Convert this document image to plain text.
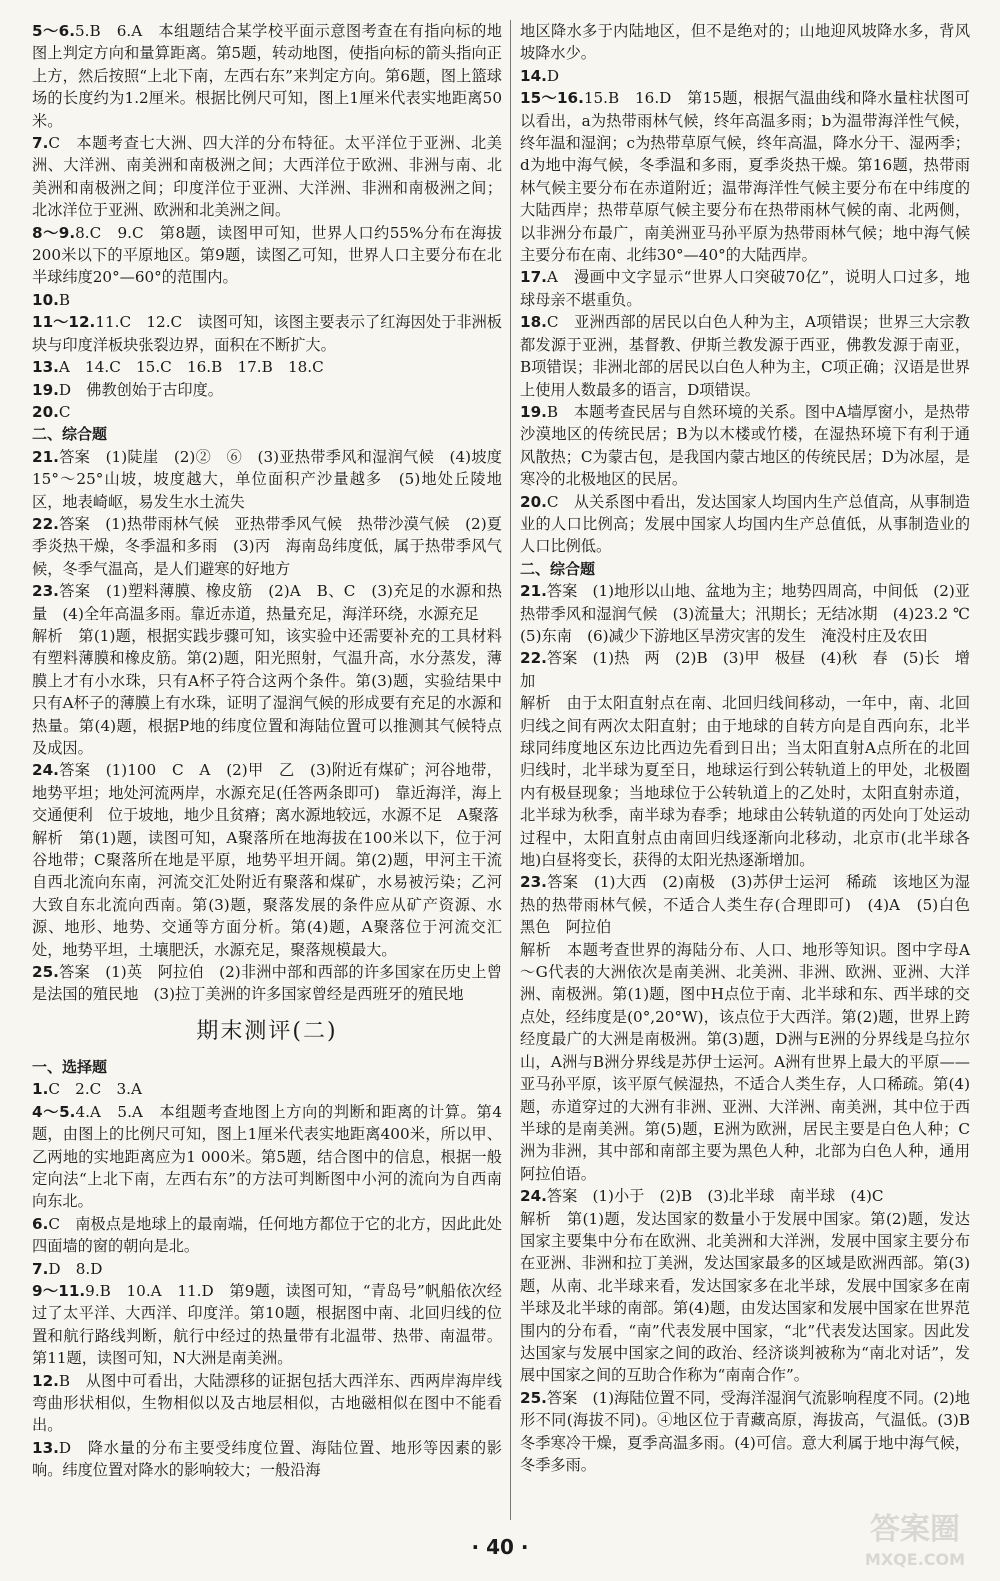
5～6.5.B　6.A　本组题结合某学校平面示意图考查在有指向标的地图上判定方向和量算距离。第5题，转动地图，使指向标的箭头指向正上方，然后按照“上北下南，左西右东”来判定方向。第6题，图上篮球场的长度约为1.2厘米。根据比例尺可知，图上1厘米代表实地距离50米。

7.C　本题考查七大洲、四大洋的分布特征。太平洋位于亚洲、北美洲、大洋洲、南美洲和南极洲之间；大西洋位于欧洲、非洲与南、北美洲和南极洲之间；印度洋位于亚洲、大洋洲、非洲和南极洲之间；北冰洋位于亚洲、欧洲和北美洲之间。

8～9.8.C　9.C　第8题，读图甲可知，世界人口约55%分布在海拔200米以下的平原地区。第9题，读图乙可知，世界人口主要分布在北半球纬度20°—60°的范围内。

10.B

11～12.11.C　12.C　读图可知，该图主要表示了红海因处于非洲板块与印度洋板块张裂边界，面积在不断扩大。

13.A　14.C　15.C　16.B　17.B　18.C

19.D　佛教创始于古印度。

20.C

二、综合题

21.答案　(1)陡崖　(2)②　⑥　(3)亚热带季风和湿润气候　(4)坡度15°～25°山坡，坡度越大，单位面积产沙量越多　(5)地处丘陵地区，地表崎岖，易发生水土流失

22.答案　(1)热带雨林气候　亚热带季风气候　热带沙漠气候　(2)夏季炎热干燥，冬季温和多雨　(3)丙　海南岛纬度低，属于热带季风气候，冬季气温高，是人们避寒的好地方

23.答案　(1)塑料薄膜、橡皮筋　(2)A　B、C　(3)充足的水源和热量　(4)全年高温多雨。靠近赤道，热量充足，海洋环绕，水源充足

解析　第(1)题，根据实践步骤可知，该实验中还需要补充的工具材料有塑料薄膜和橡皮筋。第(2)题，阳光照射，气温升高，水分蒸发，薄膜上才有小水珠，只有A杯子符合这两个条件。第(3)题，实验结果中只有A杯子的薄膜上有水珠，证明了湿润气候的形成要有充足的水源和热量。第(4)题，根据P地的纬度位置和海陆位置可以推测其气候特点及成因。

24.答案　(1)100　C　A　(2)甲　乙　(3)附近有煤矿；河谷地带，地势平坦；地处河流两岸，水源充足(任答两条即可)　靠近海洋，海上交通便利　位于坡地，地少且贫瘠；离水源地较远，水源不足　A聚落

解析　第(1)题，读图可知，A聚落所在地海拔在100米以下，位于河谷地带；C聚落所在地是平原，地势平坦开阔。第(2)题，甲河主干流自西北流向东南，河流交汇处附近有聚落和煤矿，水易被污染；乙河大致自东北流向西南。第(3)题，聚落发展的条件应从矿产资源、水源、地形、地势、交通等方面分析。第(4)题，A聚落位于河流交汇处，地势平坦，土壤肥沃，水源充足，聚落规模最大。

25.答案　(1)英　阿拉伯　(2)非洲中部和西部的许多国家在历史上曾是法国的殖民地　(3)拉丁美洲的许多国家曾经是西班牙的殖民地

期末测评(二)
一、选择题

1.C　2.C　3.A

4～5.4.A　5.A　本组题考查地图上方向的判断和距离的计算。第4题，由图上的比例尺可知，图上1厘米代表实地距离400米，所以甲、乙两地的实地距离应为1 000米。第5题，结合图中的信息，根据一般定向法“上北下南，左西右东”的方法可判断图中小河的流向为自西南向东北。

6.C　南极点是地球上的最南端，任何地方都位于它的北方，因此此处四面墙的窗的朝向是北。

7.D　8.D

9～11.9.B　10.A　11.D　第9题，读图可知，“青岛号”帆船依次经过了太平洋、大西洋、印度洋。第10题，根据图中南、北回归线的位置和航行路线判断，航行中经过的热量带有北温带、热带、南温带。第11题，读图可知，N大洲是南美洲。

12.B　从图中可看出，大陆漂移的证据包括大西洋东、西两岸海岸线弯曲形状相似，生物相似以及古地层相似，古地磁相似在图中不能看出。

13.D　降水量的分布主要受纬度位置、海陆位置、地形等因素的影响。纬度位置对降水的影响较大；一般沿海

地区降水多于内陆地区，但不是绝对的；山地迎风坡降水多，背风坡降水少。

14.D

15～16.15.B　16.D　第15题，根据气温曲线和降水量柱状图可以看出，a为热带雨林气候，终年高温多雨；b为温带海洋性气候，终年温和湿润；c为热带草原气候，终年高温，降水分干、湿两季；d为地中海气候，冬季温和多雨，夏季炎热干燥。第16题，热带雨林气候主要分布在赤道附近；温带海洋性气候主要分布在中纬度的大陆西岸；热带草原气候主要分布在热带雨林气候的南、北两侧，以非洲分布最广，南美洲亚马孙平原为热带雨林气候；地中海气候主要分布在南、北纬30°—40°的大陆西岸。

17.A　漫画中文字显示“世界人口突破70亿”，说明人口过多，地球母亲不堪重负。

18.C　亚洲西部的居民以白色人种为主，A项错误；世界三大宗教都发源于亚洲，基督教、伊斯兰教发源于西亚，佛教发源于南亚，B项错误；非洲北部的居民以白色人种为主，C项正确；汉语是世界上使用人数最多的语言，D项错误。

19.B　本题考查民居与自然环境的关系。图中A墙厚窗小，是热带沙漠地区的传统民居；B为以木楼或竹楼，在湿热环境下有利于通风散热；C为蒙古包，是我国内蒙古地区的传统民居；D为冰屋，是寒冷的北极地区的民居。

20.C　从关系图中看出，发达国家人均国内生产总值高，从事制造业的人口比例高；发展中国家人均国内生产总值低，从事制造业的人口比例低。

二、综合题

21.答案　(1)地形以山地、盆地为主；地势四周高，中间低　(2)亚热带季风和湿润气候　(3)流量大；汛期长；无结冰期　(4)23.2 ℃　(5)东南　(6)减少下游地区旱涝灾害的发生　淹没村庄及农田

22.答案　(1)热　两　(2)B　(3)甲　极昼　(4)秋　春　(5)长　增加

解析　由于太阳直射点在南、北回归线间移动，一年中，南、北回归线之间有两次太阳直射；由于地球的自转方向是自西向东，北半球同纬度地区东边比西边先看到日出；当太阳直射A点所在的北回归线时，北半球为夏至日，地球运行到公转轨道上的甲处，北极圈内有极昼现象；当地球位于公转轨道上的乙处时，太阳直射赤道，北半球为秋季，南半球为春季；地球由公转轨道的丙处向丁处运动过程中，太阳直射点由南回归线逐渐向北移动，北京市(北半球各地)白昼将变长，获得的太阳光热逐渐增加。

23.答案　(1)大西　(2)南极　(3)苏伊士运河　稀疏　该地区为湿热的热带雨林气候，不适合人类生存(合理即可)　(4)A　(5)白色　黑色　阿拉伯

解析　本题考查世界的海陆分布、人口、地形等知识。图中字母A～G代表的大洲依次是南美洲、北美洲、非洲、欧洲、亚洲、大洋洲、南极洲。第(1)题，图中H点位于南、北半球和东、西半球的交点处，经纬度是(0°,20°W)，该点位于大西洋。第(2)题，世界上跨经度最广的大洲是南极洲。第(3)题，D洲与E洲的分界线是乌拉尔山，A洲与B洲分界线是苏伊士运河。A洲有世界上最大的平原——亚马孙平原，该平原气候湿热，不适合人类生存，人口稀疏。第(4)题，赤道穿过的大洲有非洲、亚洲、大洋洲、南美洲，其中位于西半球的是南美洲。第(5)题，E洲为欧洲，居民主要是白色人种；C洲为非洲，其中部和南部主要为黑色人种，北部为白色人种，通用阿拉伯语。

24.答案　(1)小于　(2)B　(3)北半球　南半球　(4)C

解析　第(1)题，发达国家的数量小于发展中国家。第(2)题，发达国家主要集中分布在欧洲、北美洲和大洋洲，发展中国家主要分布在亚洲、非洲和拉丁美洲，发达国家最多的区域是欧洲西部。第(3)题，从南、北半球来看，发达国家多在北半球，发展中国家多在南半球及北半球的南部。第(4)题，由发达国家和发展中国家在世界范围内的分布看，“南”代表发展中国家，“北”代表发达国家。因此发达国家与发展中国家之间的政治、经济谈判被称为“南北对话”，发展中国家之间的互助合作称为“南南合作”。

25.答案　(1)海陆位置不同，受海洋湿润气流影响程度不同。(2)地形不同(海拔不同)。④地区位于青藏高原，海拔高，气温低。(3)B　冬季寒冷干燥，夏季高温多雨。(4)可信。意大利属于地中海气候，冬季多雨。

· 40 ·	答案圈
MXQE.COM
